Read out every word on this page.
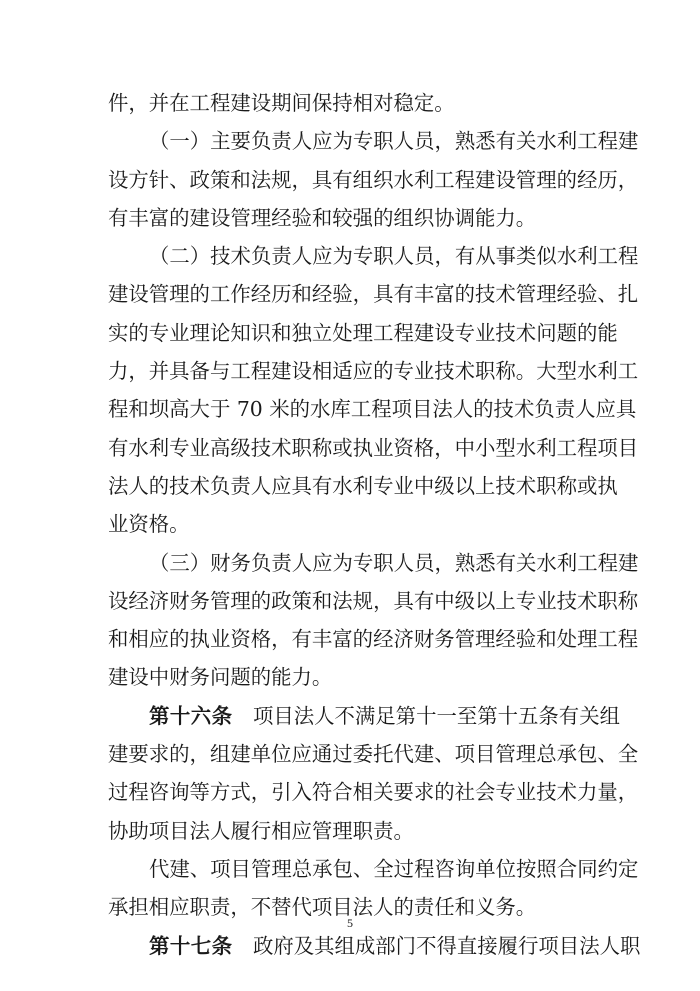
件，并在工程建设期间保持相对稳定。
（一）主要负责人应为专职人员，熟悉有关水利工程建
设方针、政策和法规，具有组织水利工程建设管理的经历，
有丰富的建设管理经验和较强的组织协调能力。
（二）技术负责人应为专职人员，有从事类似水利工程
建设管理的工作经历和经验，具有丰富的技术管理经验、扎
实的专业理论知识和独立处理工程建设专业技术问题的能
力，并具备与工程建设相适应的专业技术职称。大型水利工
程和坝高大于 70 米的水库工程项目法人的技术负责人应具
有水利专业高级技术职称或执业资格，中小型水利工程项目
法人的技术负责人应具有水利专业中级以上技术职称或执
业资格。
（三）财务负责人应为专职人员，熟悉有关水利工程建
设经济财务管理的政策和法规，具有中级以上专业技术职称
和相应的执业资格，有丰富的经济财务管理经验和处理工程
建设中财务问题的能力。
第十六条  项目法人不满足第十一至第十五条有关组
建要求的，组建单位应通过委托代建、项目管理总承包、全
过程咨询等方式，引入符合相关要求的社会专业技术力量，
协助项目法人履行相应管理职责。
代建、项目管理总承包、全过程咨询单位按照合同约定
承担相应职责，不替代项目法人的责任和义务。
第十七条  政府及其组成部门不得直接履行项目法人职
5
